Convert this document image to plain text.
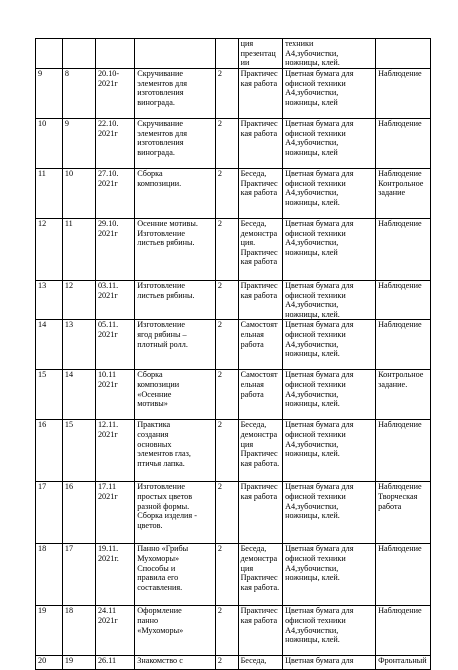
					ция
презентац
ии	техники
А4,зубочистки,
ножницы, клей.	

9	8	20.10-
2021г	Скручивание
элементов для
изготовления
винограда.	2	Практичес
кая работа	Цветная бумага для
офисной техники
А4,зубочистки,
ножницы, клей	Наблюдение

10	9	22.10.
2021г	Скручивание
элементов для
изготовления
винограда.	2	Практичес
кая работа	Цветная бумага для
офисной техники
А4,зубочистки,
ножницы, клей	Наблюдение

11	10	27.10.
2021г	Сборка
композиции.	2	Беседа,
Практичес
кая работа	Цветная бумага для
офисной техники
А4,зубочистки,
ножницы, клей.	Наблюдение
Контрольное
задание

12	11	29.10.
2021г	Осенние мотивы.
Изготовление
листьев рябины.	2	Беседа,
демонстра
ция.
Практичес
кая работа	Цветная бумага для
офисной техники
А4,зубочистки,
ножницы, клей	Наблюдение

13	12	03.11.
2021г	Изготовление
листьев рябины.	2	Практичес
кая работа	Цветная бумага для
офисной техники
А4,зубочистки,
ножницы, клей.	Наблюдение

14	13	05.11.
2021г	Изготовление
ягод рябины –
плотный ролл.	2	Самостоят
ельная
работа	Цветная бумага для
офисной техники
А4,зубочистки,
ножницы, клей.	Наблюдение

15	14	10.11
2021г	Сборка
композиции
«Осенние
мотивы»	2	Самостоят
ельная
работа	Цветная бумага для
офисной техники
А4,зубочистки,
ножницы, клей.	Контрольное
задание.

16	15	12.11.
2021г	Практика
создания
основных
элементов глаз,
птичья лапка.	2	Беседа,
демонстра
ция
Практичес
кая работа.	Цветная бумага для
офисной техники
А4,зубочистки,
ножницы, клей.	Наблюдение

17	16	17.11
2021г	Изготовление
простых цветов
разной формы.
Сборка изделия -
цветов.	2	Практичес
кая работа	Цветная бумага для
офисной техники
А4,зубочистки,
ножницы, клей.	Наблюдение
Творческая
работа

18	17	19.11.
2021г.	Панно «Грибы
Мухоморы»
Способы и
правила его
составления.	2	Беседа,
демонстра
ция
Практичес
кая работа.	Цветная бумага для
офисной техники
А4,зубочистки,
ножницы, клей.	Наблюдение

19	18	24.11
2021г	Оформление
панно
«Мухоморы»	2	Практичес
кая работа	Цветная бумага для
офисной техники
А4,зубочистки,
ножницы, клей.	Наблюдение

20	19	26.11	Знакомство с	2	Беседа,	Цветная бумага для	Фронтальный
